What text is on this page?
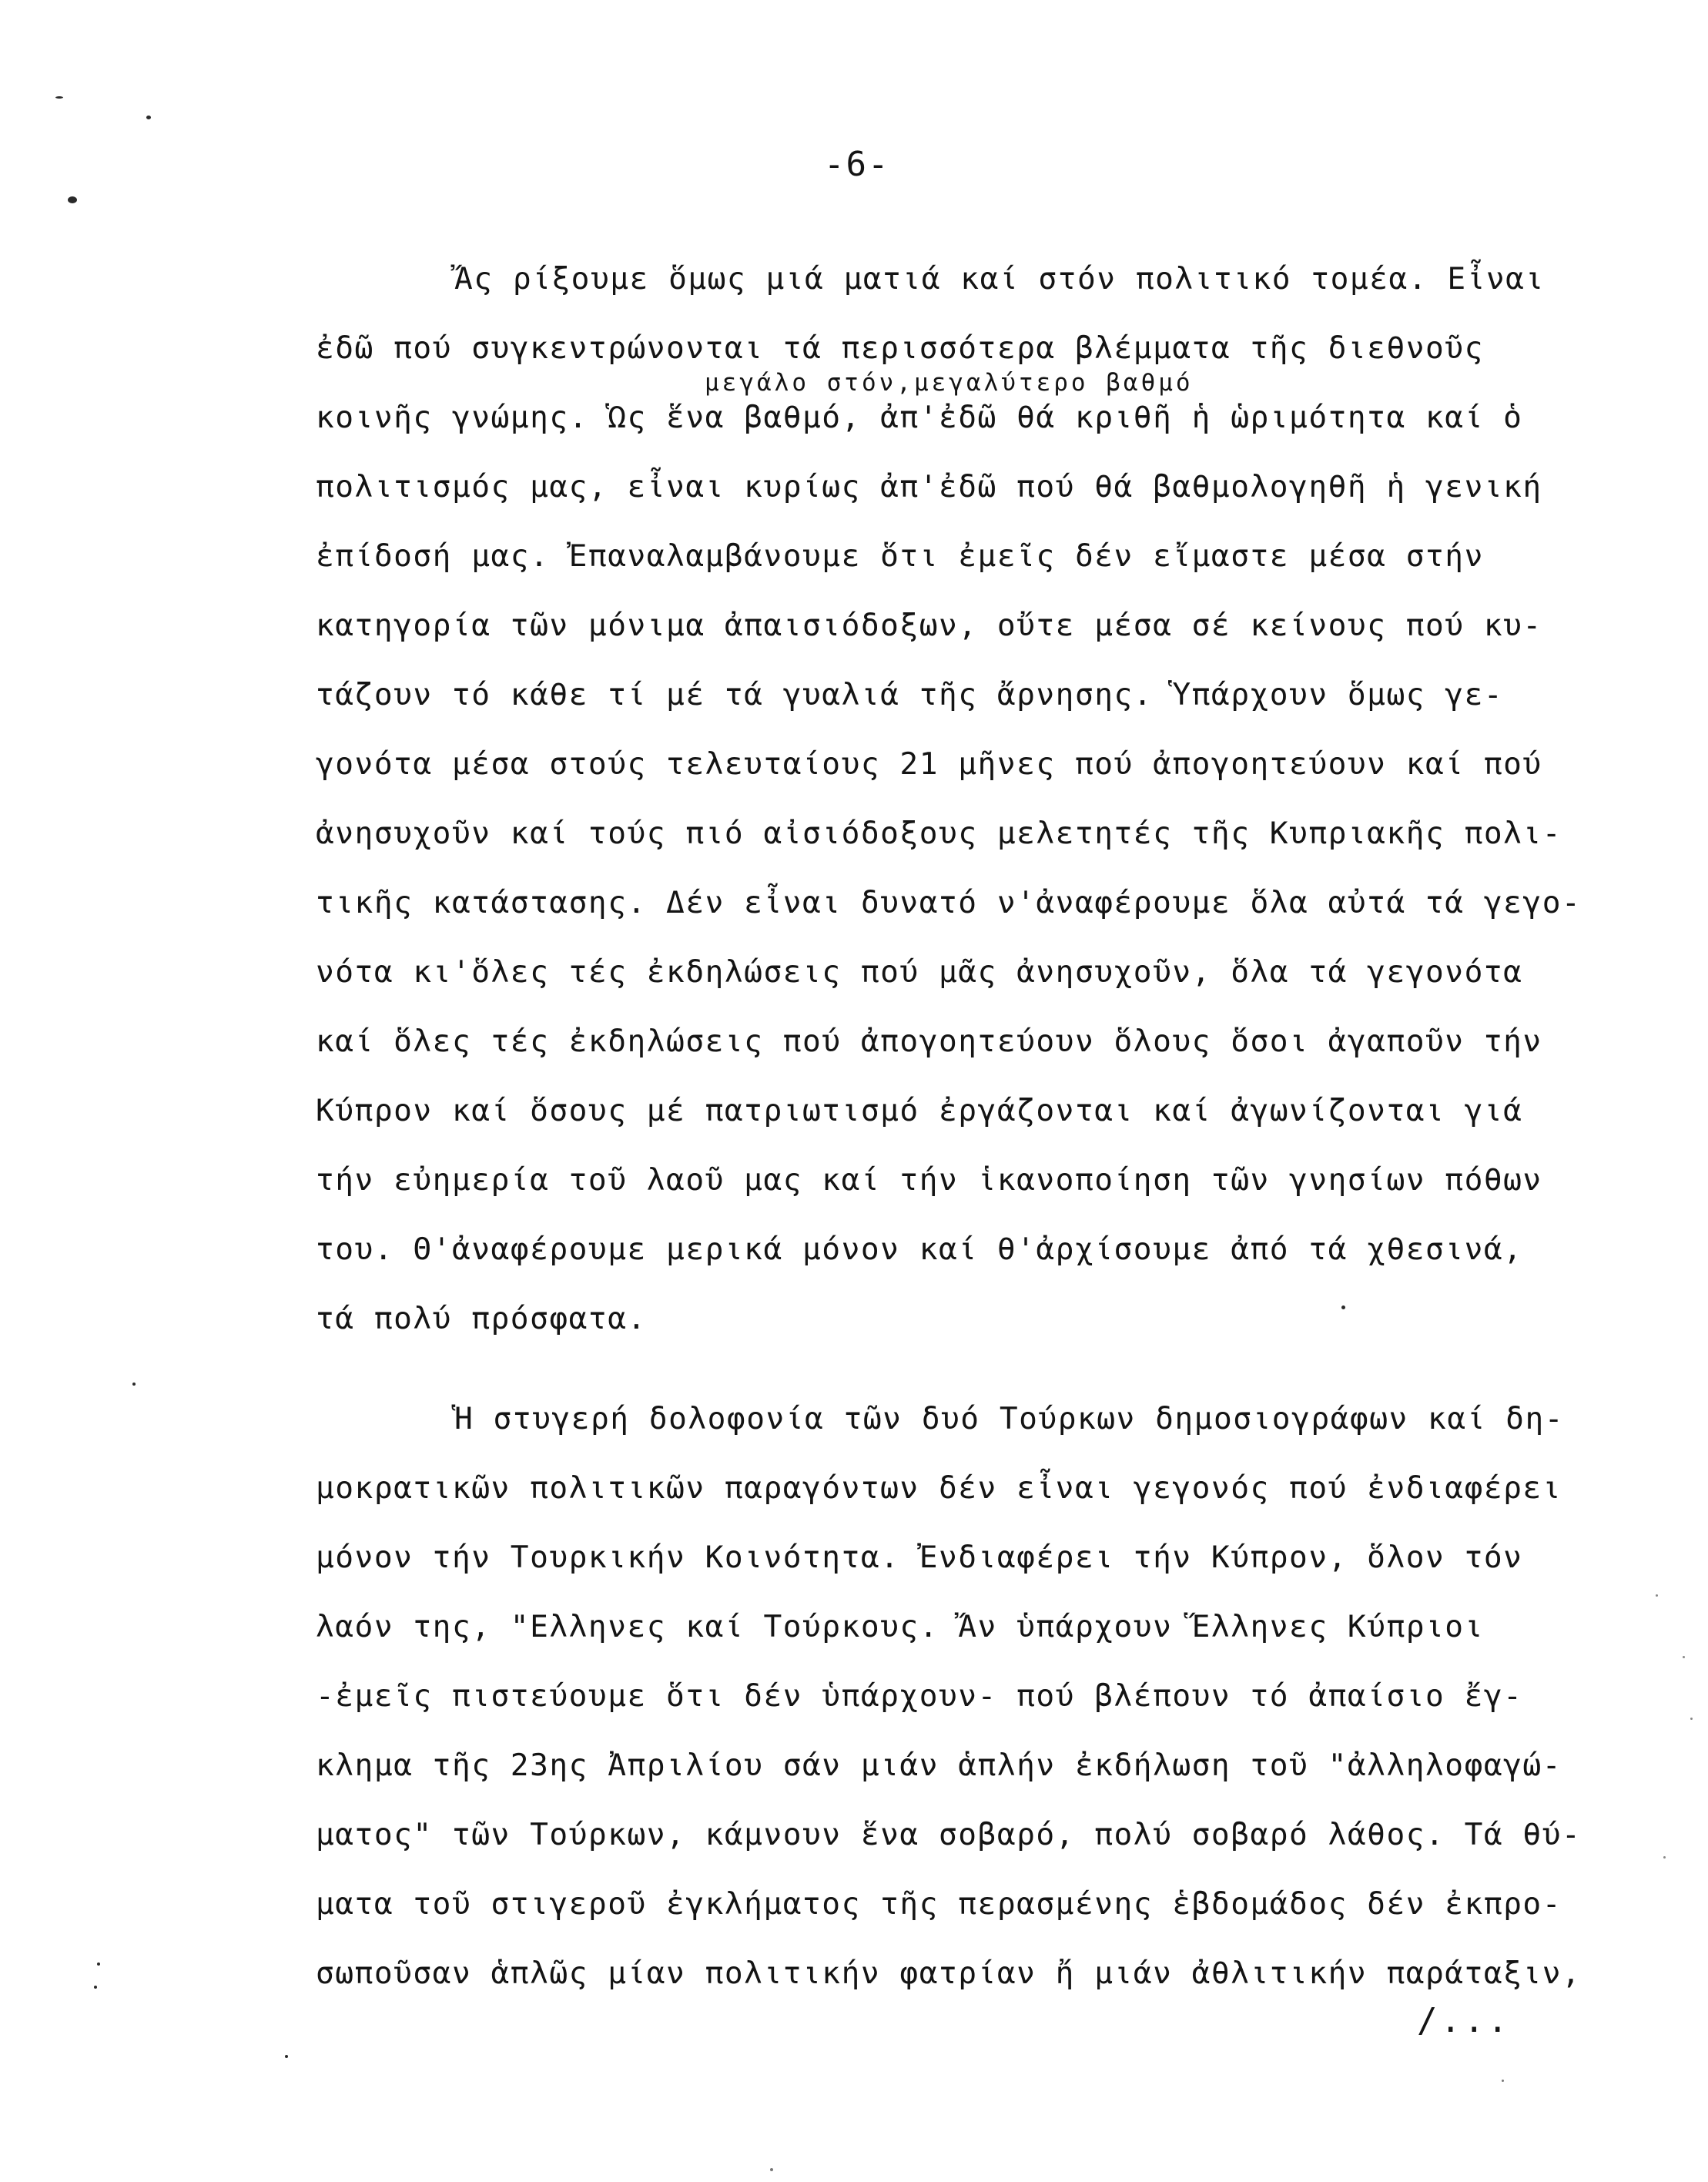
-6-
μεγάλο στόν,μεγαλύτερο βαθμό
Ἄς ρίξουμε ὅμως μιά ματιά καί στόν πολιτικό τομέα. Εἶναι
ἐδῶ πού συγκεντρώνονται τά περισσότερα βλέμματα τῆς διεθνοῦς
κοινῆς γνώμης. Ὡς ἕνα βαθμό, ἀπ'ἐδῶ θά κριθῆ ἡ ὡριμότητα καί ὁ
πολιτισμός μας, εἶναι κυρίως ἀπ'ἐδῶ πού θά βαθμολογηθῆ ἡ γενική
ἐπίδοσή μας. Ἐπαναλαμβάνουμε ὅτι ἐμεῖς δέν εἴμαστε μέσα στήν
κατηγορία τῶν μόνιμα ἀπαισιόδοξων, οὔτε μέσα σέ κείνους πού κυ-
τάζουν τό κάθε τί μέ τά γυαλιά τῆς ἄρνησης. Ὑπάρχουν ὅμως γε-
γονότα μέσα στούς τελευταίους 21 μῆνες πού ἀπογοητεύουν καί πού
ἀνησυχοῦν καί τούς πιό αἰσιόδοξους μελετητές τῆς Κυπριακῆς πολι-
τικῆς κατάστασης. Δέν εἶναι δυνατό ν'ἀναφέρουμε ὅλα αὐτά τά γεγο-
νότα κι'ὅλες τές ἐκδηλώσεις πού μᾶς ἀνησυχοῦν, ὅλα τά γεγονότα
καί ὅλες τές ἐκδηλώσεις πού ἀπογοητεύουν ὅλους ὅσοι ἀγαποῦν τήν
Κύπρον καί ὅσους μέ πατριωτισμό ἐργάζονται καί ἀγωνίζονται γιά
τήν εὐημερία τοῦ λαοῦ μας καί τήν ἱκανοποίηση τῶν γνησίων πόθων
του. Θ'ἀναφέρουμε μερικά μόνον καί θ'ἀρχίσουμε ἀπό τά χθεσινά,
τά πολύ πρόσφατα.
Ἡ στυγερή δολοφονία τῶν δυό Τούρκων δημοσιογράφων καί δη-
μοκρατικῶν πολιτικῶν παραγόντων δέν εἶναι γεγονός πού ἐνδιαφέρει
μόνον τήν Τουρκικήν Κοινότητα. Ἐνδιαφέρει τήν Κύπρον, ὅλον τόν
λαόν της, "Ελληνες καί Τούρκους. Ἄν ὑπάρχουν Ἕλληνες Κύπριοι
-ἐμεῖς πιστεύουμε ὅτι δέν ὑπάρχουν- πού βλέπουν τό ἀπαίσιο ἔγ-
κλημα τῆς 23ης Ἀπριλίου σάν μιάν ἁπλήν ἐκδήλωση τοῦ "ἀλληλοφαγώ-
ματος" τῶν Τούρκων, κάμνουν ἕνα σοβαρό, πολύ σοβαρό λάθος. Τά θύ-
ματα τοῦ στιγεροῦ ἐγκλήματος τῆς περασμένης ἑβδομάδος δέν ἐκπρο-
σωποῦσαν ἁπλῶς μίαν πολιτικήν φατρίαν ἤ μιάν ἀθλιτικήν παράταξιν,
/...
